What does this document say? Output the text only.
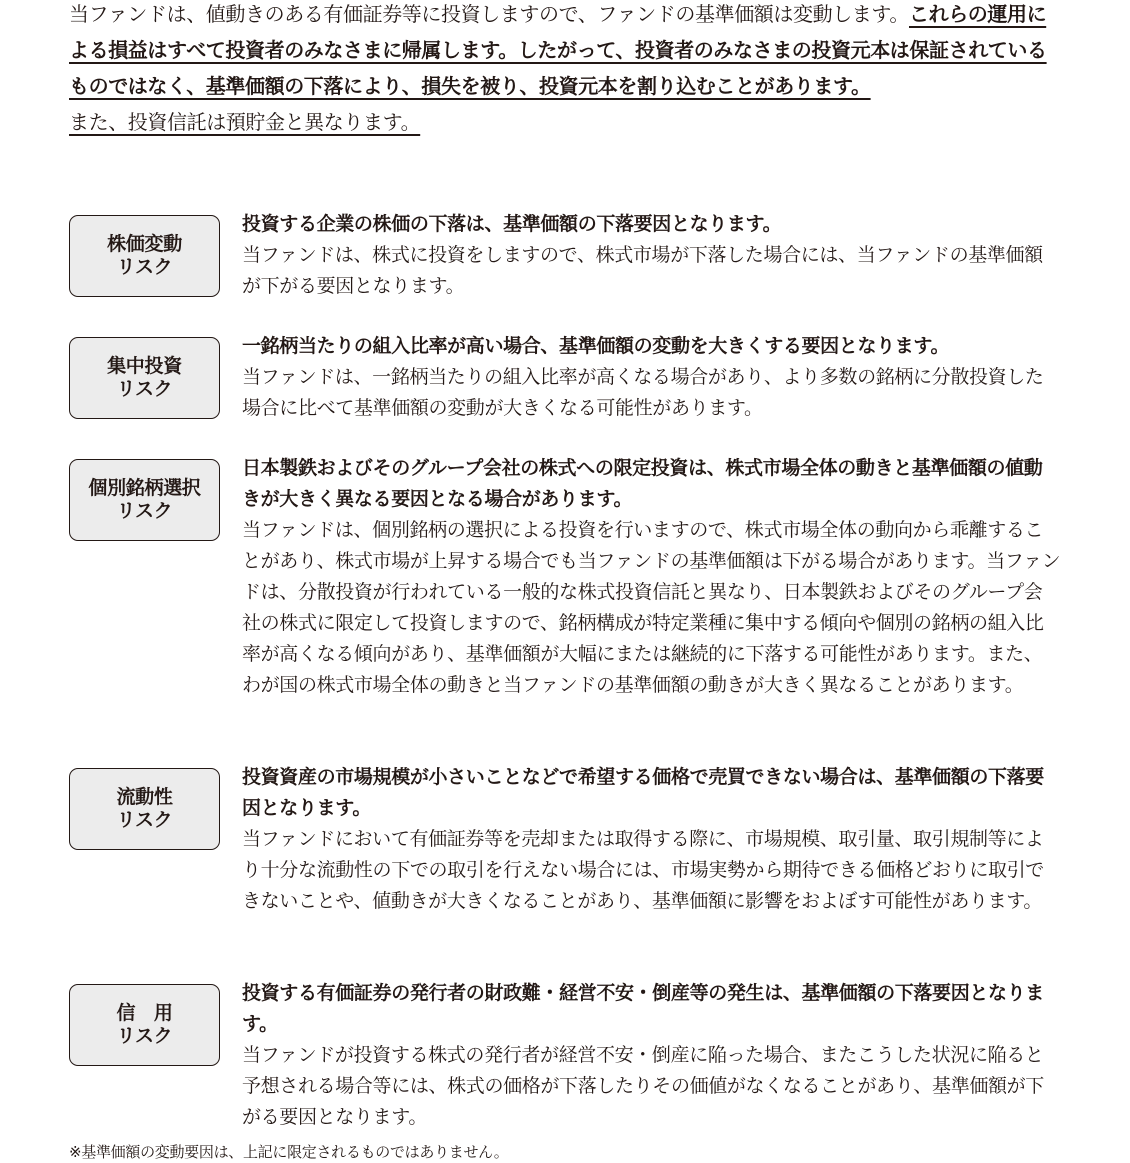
当ファンドは、値動きのある有価証券等に投資しますので、ファンドの基準価額は変動します。これらの運用による損益はすべて投資者のみなさまに帰属します。したがって、投資者のみなさまの投資元本は保証されているものではなく、基準価額の下落により、損失を被り、投資元本を割り込むことがあります。

また、投資信託は預貯金と異なります。

株価変動
リスク

投資する企業の株価の下落は、基準価額の下落要因となります。

当ファンドは、株式に投資をしますので、株式市場が下落した場合には、当ファンドの基準価額が下がる要因となります。

集中投資
リスク

一銘柄当たりの組入比率が高い場合、基準価額の変動を大きくする要因となります。

当ファンドは、一銘柄当たりの組入比率が高くなる場合があり、より多数の銘柄に分散投資した場合に比べて基準価額の変動が大きくなる可能性があります。

個別銘柄選択
リスク

日本製鉄およびそのグループ会社の株式への限定投資は、株式市場全体の動きと基準価額の値動きが大きく異なる要因となる場合があります。

当ファンドは、個別銘柄の選択による投資を行いますので、株式市場全体の動向から乖離することがあり、株式市場が上昇する場合でも当ファンドの基準価額は下がる場合があります。当ファンドは、分散投資が行われている一般的な株式投資信託と異なり、日本製鉄およびそのグループ会社の株式に限定して投資しますので、銘柄構成が特定業種に集中する傾向や個別の銘柄の組入比率が高くなる傾向があり、基準価額が大幅にまたは継続的に下落する可能性があります。また、わが国の株式市場全体の動きと当ファンドの基準価額の動きが大きく異なることがあります。

流動性
リスク

投資資産の市場規模が小さいことなどで希望する価格で売買できない場合は、基準価額の下落要因となります。

当ファンドにおいて有価証券等を売却または取得する際に、市場規模、取引量、取引規制等により十分な流動性の下での取引を行えない場合には、市場実勢から期待できる価格どおりに取引できないことや、値動きが大きくなることがあり、基準価額に影響をおよぼす可能性があります。

信　用
リスク

投資する有価証券の発行者の財政難・経営不安・倒産等の発生は、基準価額の下落要因となります。

当ファンドが投資する株式の発行者が経営不安・倒産に陥った場合、またこうした状況に陥ると予想される場合等には、株式の価格が下落したりその価値がなくなることがあり、基準価額が下がる要因となります。

※基準価額の変動要因は、上記に限定されるものではありません。
